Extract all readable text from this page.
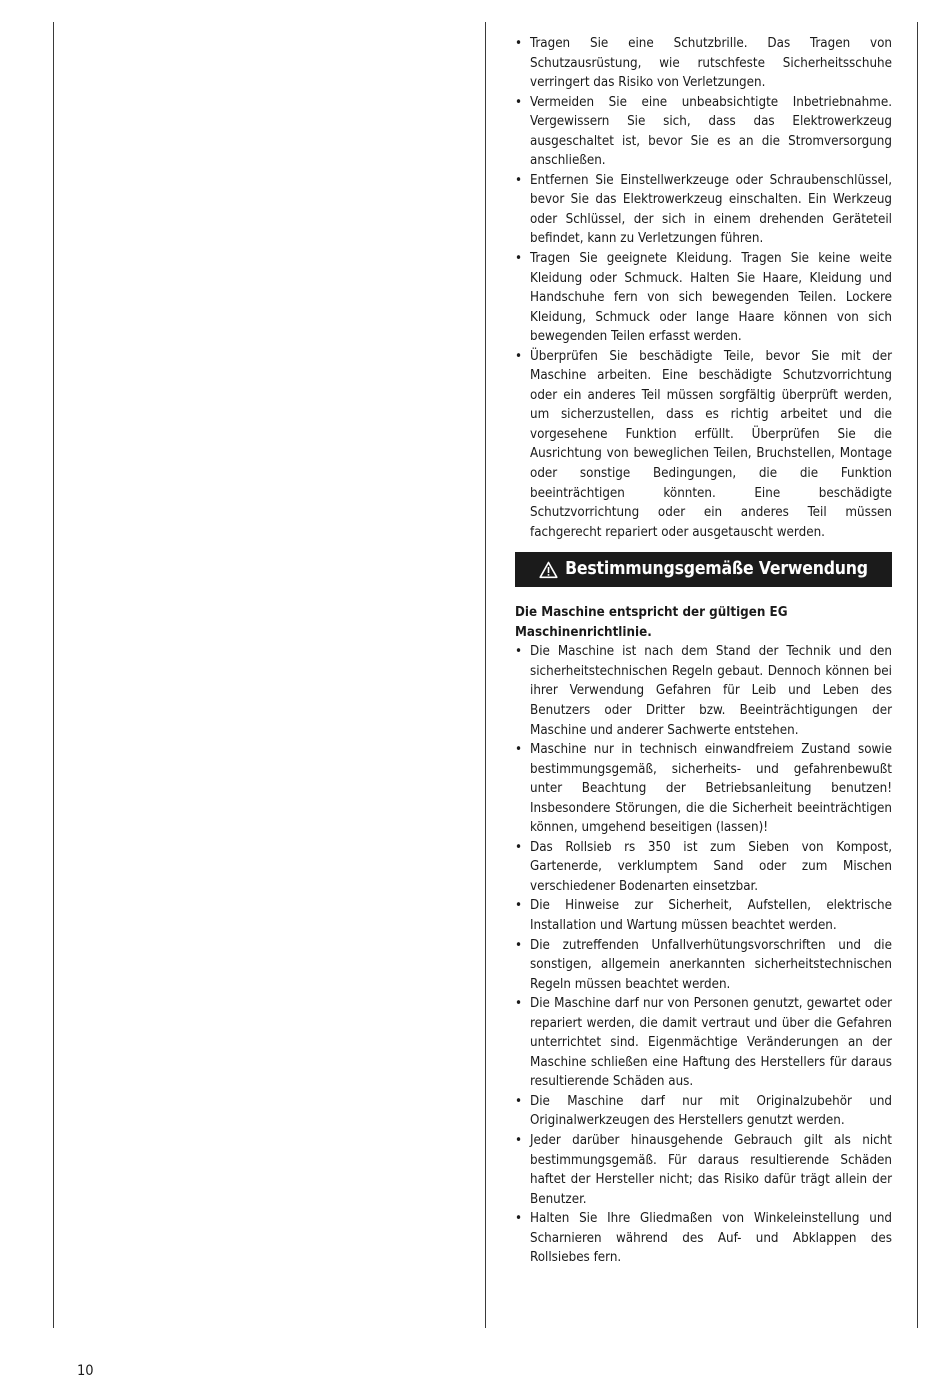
• Tragen Sie eine Schutzbrille. Das Tragen von Schutzausrüstung, wie rutschfeste Sicherheitsschuhe verringert das Risiko von Verletzungen.
• Vermeiden Sie eine unbeabsichtigte Inbetriebnahme. Vergewissern Sie sich, dass das Elektrowerkzeug ausgeschaltet ist, bevor Sie es an die Stromversorgung anschließen.
• Entfernen Sie Einstellwerkzeuge oder Schraubenschlüssel, bevor Sie das Elektrowerkzeug einschalten. Ein Werkzeug oder Schlüssel, der sich in einem drehenden Geräteteil befindet, kann zu Verletzungen führen.
• Tragen Sie geeignete Kleidung. Tragen Sie keine weite Kleidung oder Schmuck. Halten Sie Haare, Kleidung und Handschuhe fern von sich bewegenden Teilen. Lockere Kleidung, Schmuck oder lange Haare können von sich bewegenden Teilen erfasst werden.
• Überprüfen Sie beschädigte Teile, bevor Sie mit der Maschine arbeiten. Eine beschädigte Schutzvorrichtung oder ein anderes Teil müssen sorgfältig überprüft werden, um sicherzustellen, dass es richtig arbeitet und die vorgesehene Funktion erfüllt. Überprüfen Sie die Ausrichtung von beweglichen Teilen, Bruchstellen, Montage oder sonstige Bedingungen, die die Funktion beeinträchtigen könnten. Eine beschädigte Schutzvorrichtung oder ein anderes Teil müssen fachgerecht repariert oder ausgetauscht werden.
Bestimmungsgemäße Verwendung
Die Maschine entspricht der gültigen EG Maschinenrichtlinie.
• Die Maschine ist nach dem Stand der Technik und den sicherheitstechnischen Regeln gebaut. Dennoch können bei ihrer Verwendung Gefahren für Leib und Leben des Benutzers oder Dritter bzw. Beeinträchtigungen der Maschine und anderer Sachwerte entstehen.
• Maschine nur in technisch einwandfreiem Zustand sowie bestimmungsgemäß, sicherheits- und gefahrenbewußt unter Beachtung der Betriebsanleitung benutzen! Insbesondere Störungen, die die Sicherheit beeinträchtigen können, umgehend beseitigen (lassen)!
• Das Rollsieb rs 350 ist zum Sieben von Kompost, Gartenerde, verklumptem Sand oder zum Mischen verschiedener Bodenarten einsetzbar.
• Die Hinweise zur Sicherheit, Aufstellen, elektrische Installation und Wartung müssen beachtet werden.
• Die zutreffenden Unfallverhütungsvorschriften und die sonstigen, allgemein anerkannten sicherheitstechnischen Regeln müssen beachtet werden.
• Die Maschine darf nur von Personen genutzt, gewartet oder repariert werden, die damit vertraut und über die Gefahren unterrichtet sind. Eigenmächtige Veränderungen an der Maschine schließen eine Haftung des Herstellers für daraus resultierende Schäden aus.
• Die Maschine darf nur mit Originalzubehör und Originalwerkzeugen des Herstellers genutzt werden.
• Jeder darüber hinausgehende Gebrauch gilt als nicht bestimmungsgemäß. Für daraus resultierende Schäden haftet der Hersteller nicht; das Risiko dafür trägt allein der Benutzer.
• Halten Sie Ihre Gliedmaßen von Winkeleinstellung und Scharnieren während des Auf- und Abklappen des Rollsiebes fern.
10
